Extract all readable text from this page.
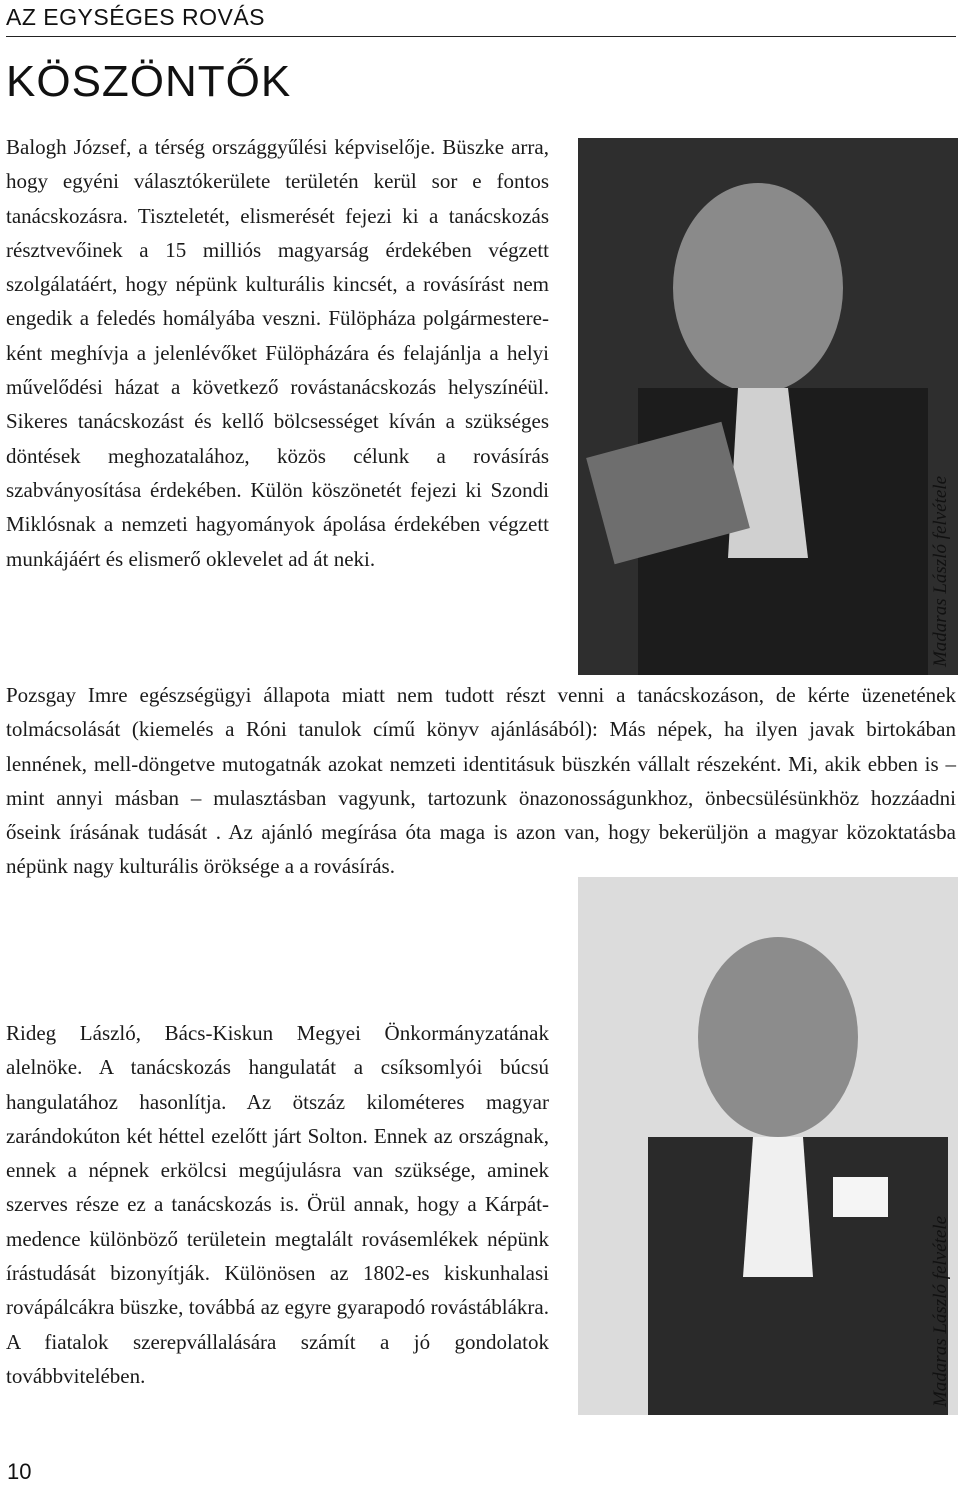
AZ EGYSÉGES ROVÁS
KÖSZÖNTŐK
Balogh József, a térség országgyűlési képviselője. Büszke arra, hogy egyéni választókerülete területén kerül sor e fontos tanácskozásra. Tiszteletét, elismerését fejezi ki a tanácskozás résztvevőinek a 15 milliós magyarság érdekében végzett szolgálatáért, hogy népünk kulturális kincsét, a rovásírást nem engedik a feledés homályába veszni. Fülöpháza polgármestereként meghívja a jelenlévőket Fülöpházára és felajánlja a helyi művelődési házat a következő rovástanácskozás helyszínéül. Sikeres tanácskozást és kellő bölcsességet kíván a szükséges döntések meghozatalához, közös célunk a rovásírás szabványosítása érdekében. Külön köszönetét fejezi ki Szondi Miklósnak a nemzeti hagyományok ápolása érdekében végzett munkájáért és elismerő oklevelet ad át neki.	Madaras László felvétele
Pozsgay Imre egészségügyi állapota miatt nem tudott részt venni a tanácskozáson, de kérte üzenetének tolmácsolását (kiemelés a Róni tanulok című könyv ajánlásából): Más népek, ha ilyen javak birtokában lennének, mell-döngetve mutogatnák azokat nemzeti identitásuk büszkén vállalt részeként. Mi, akik ebben is – mint annyi másban – mulasztásban vagyunk, tartozunk önazonosságunkhoz, önbecsülésünkhöz hozzáadni őseink írásának tudását . Az ajánló megírása óta maga is azon van, hogy bekerüljön a magyar közoktatásba népünk nagy kulturális öröksége a a rovásírás.
Madaras László felvétele
Rideg László, Bács-Kiskun Megyei Önkormányzatának alelnöke. A tanácskozás hangulatát a csíksomlyói búcsú hangulatához hasonlítja. Az ötszáz kilométeres magyar zarándokúton két héttel ezelőtt járt Solton. Ennek az országnak, ennek a népnek erkölcsi megújulásra van szüksége, aminek szerves része ez a tanácskozás is. Örül annak, hogy a Kárpát-medence különböző területein megtalált rovásemlékek népünk írástudását bizonyítják. Különösen az 1802-es kiskunhalasi rovápálcákra büszke, továbbá az egyre gyarapodó rovástáblákra. A fiatalok szerepvállalására számít a jó gondolatok továbbvitelében.
10
